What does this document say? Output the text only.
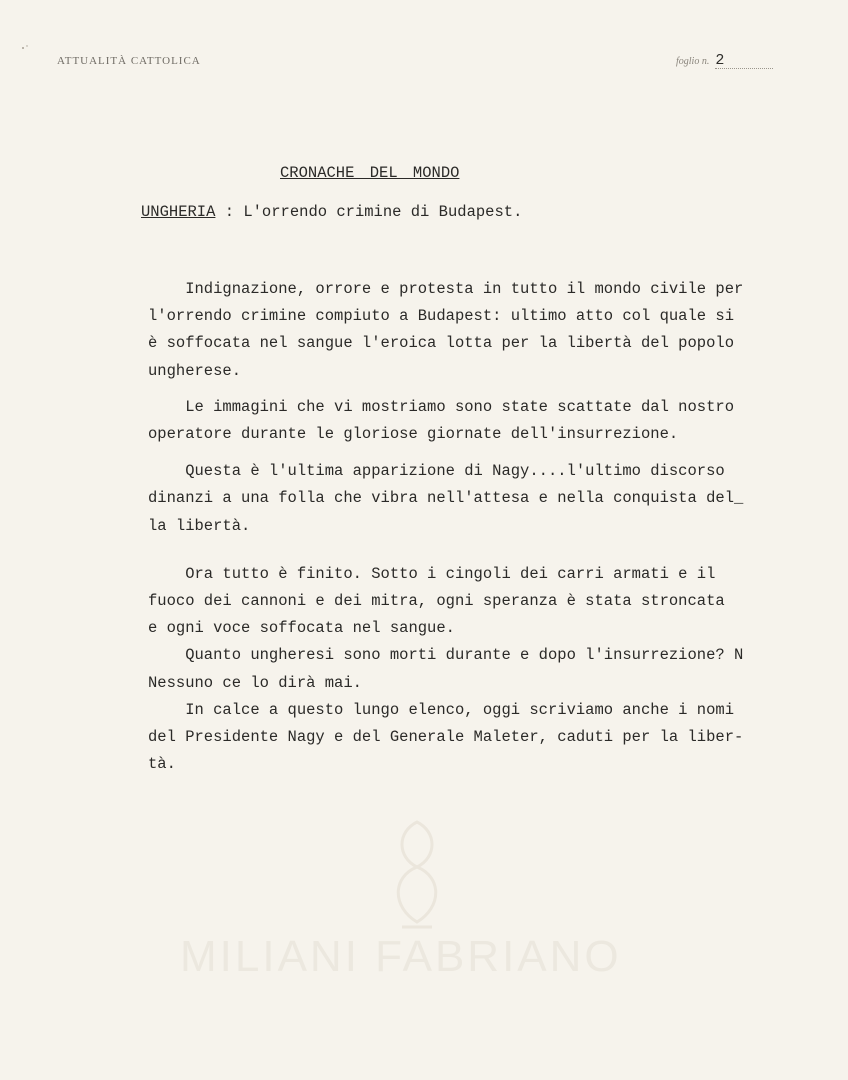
ATTUALITÀ CATTOLICA	foglio n. 2
CRONACHE DEL MONDO
UNGHERIA : L'orrendo crimine di Budapest.

Indignazione, orrore e protesta in tutto il mondo civile per

l'orrendo crimine compiuto a Budapest: ultimo atto col quale si

è soffocata nel sangue l'eroica lotta per la libertà del popolo

ungherese.

Le immagini che vi mostriamo sono state scattate dal nostro

operatore durante le gloriose giornate dell'insurrezione.

Questa è l'ultima apparizione di Nagy....l'ultimo discorso

dinanzi a una folla che vibra nell'attesa e nella conquista del_

la libertà.

Ora tutto è finito. Sotto i cingoli dei carri armati e il

fuoco dei cannoni e dei mitra, ogni speranza è stata stroncata

e ogni voce soffocata nel sangue.

Quanto ungheresi sono morti durante e dopo l'insurrezione? N

Nessuno ce lo dirà mai.

In calce a questo lungo elenco, oggi scriviamo anche i nomi

del Presidente Nagy e del Generale Maleter, caduti per la liber-

tà.

MILIANI FABRIANO
